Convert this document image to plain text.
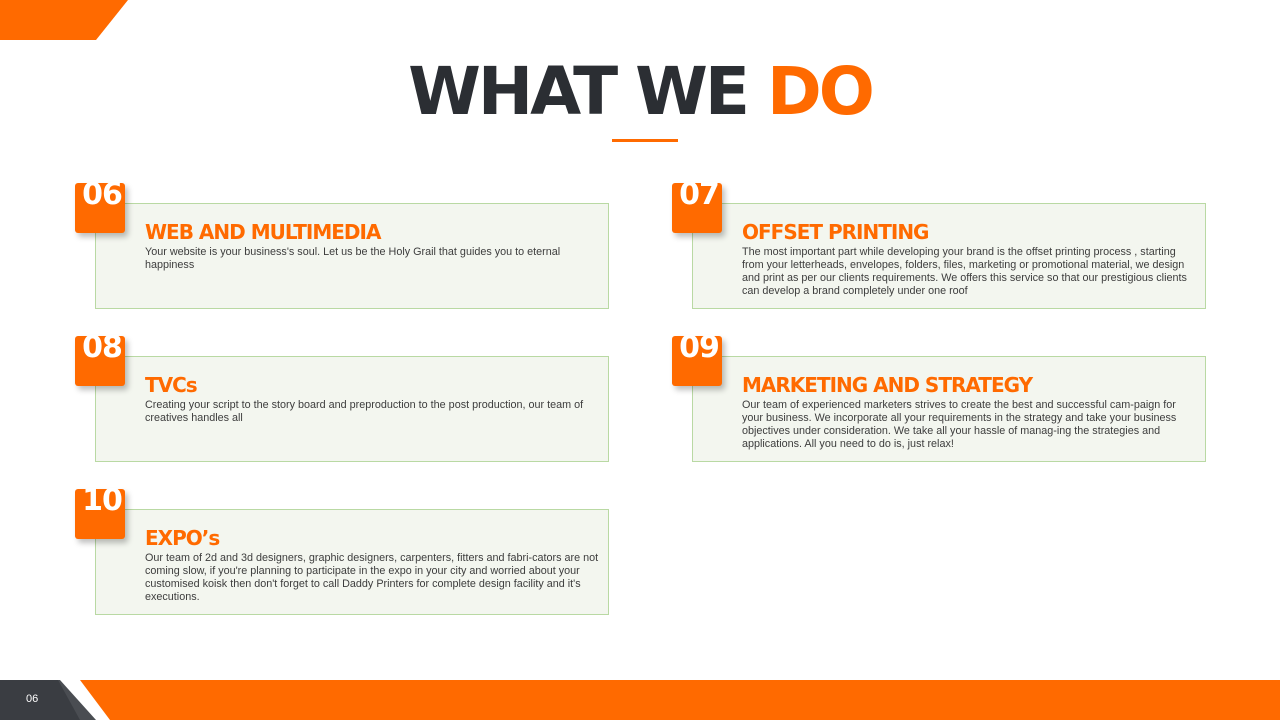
WHAT WE DO
WEB AND MULTIMEDIA
Your website is your business's soul. Let us be the Holy Grail that guides you to eternal happiness
06
OFFSET PRINTING
The most important part while developing your brand is the offset printing process , starting from your letterheads, envelopes, folders, files, marketing or promotional material, we design and print as per our clients requirements. We offers this service so that our prestigious clients can develop a brand completely under one roof
07
TVCs
Creating your script to the story board and preproduction to the post production, our team of creatives handles all
08
MARKETING AND STRATEGY
Our team of experienced marketers strives to create the best and successful cam-paign for your business. We incorporate all your requirements in the strategy and take your business objectives under consideration. We take all your hassle of manag-ing the strategies and applications. All you need to do is, just relax!
09
EXPO’s
Our team of 2d and 3d designers, graphic designers, carpenters, fitters and fabri-cators are not coming slow, if you're planning to participate in the expo in your city and worried about your customised koisk then don't forget to call Daddy Printers for complete design facility and it's executions.
10
06
